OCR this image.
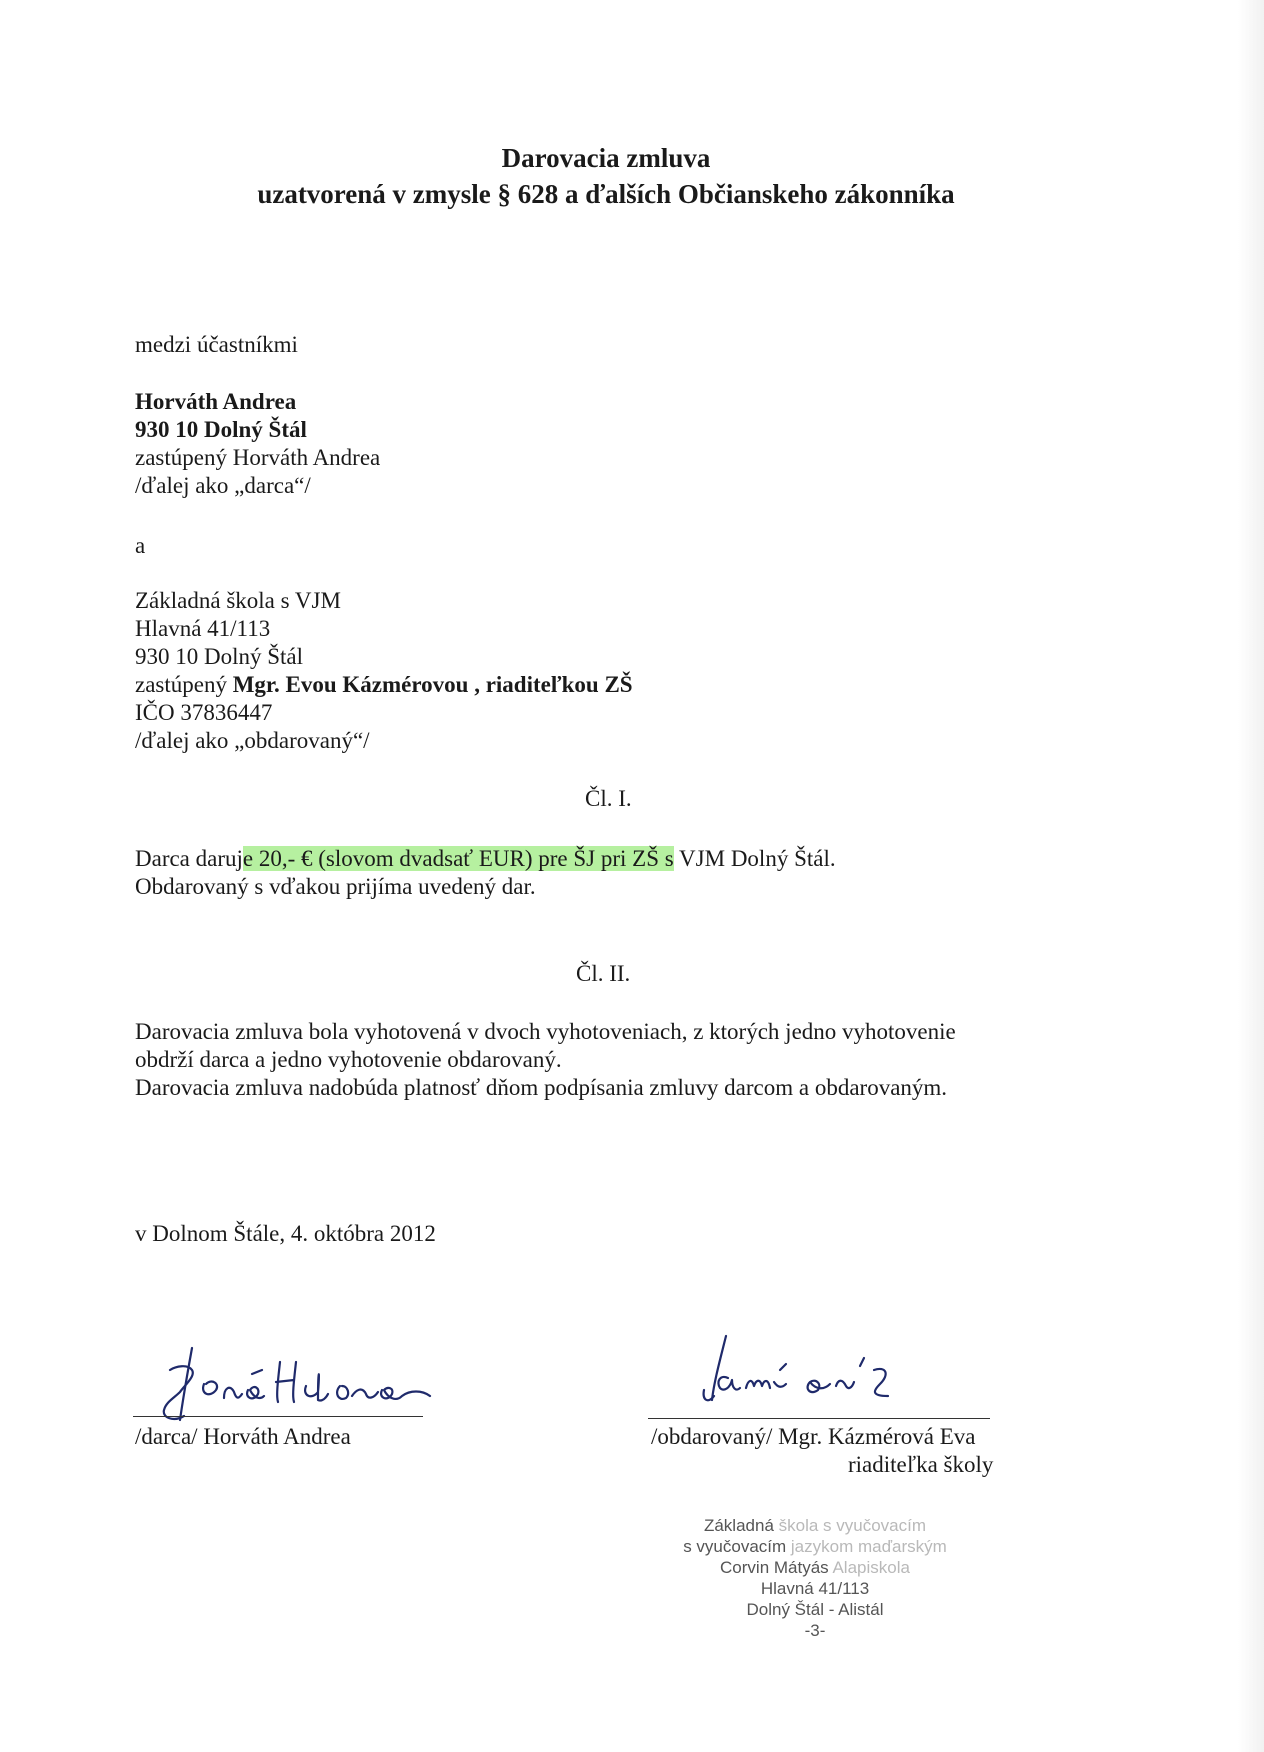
Darovacia zmluva
uzatvorená v zmysle § 628 a ďalších Občianskeho zákonníka
medzi účastníkmi
Horváth Andrea
930 10 Dolný Štál
zastúpený Horváth Andrea
/ďalej ako „darca“/
a
Základná škola s VJM
Hlavná 41/113
930 10 Dolný Štál
zastúpený Mgr. Evou Kázmérovou , riaditeľkou ZŠ
IČO 37836447
/ďalej ako „obdarovaný“/
Čl. I.
Darca daruje 20,- € (slovom dvadsať EUR) pre ŠJ pri ZŠ s VJM Dolný Štál.
Obdarovaný s vďakou prijíma uvedený dar.
Čl. II.
Darovacia zmluva bola vyhotovená v dvoch vyhotoveniach, z ktorých jedno vyhotovenie
obdrží darca a jedno vyhotovenie obdarovaný.
Darovacia zmluva nadobúda platnosť dňom podpísania zmluvy darcom a obdarovaným.
v Dolnom Štále, 4. októbra 2012
/darca/ Horváth Andrea	/obdarovaný/ Mgr. Kázmérová Eva
riaditeľka školy
Základná škola s vyučovacím
s vyučovacím jazykom maďarským
Corvin Mátyás Alapiskola
Hlavná 41/113
Dolný Štál - Alistál
-3-
